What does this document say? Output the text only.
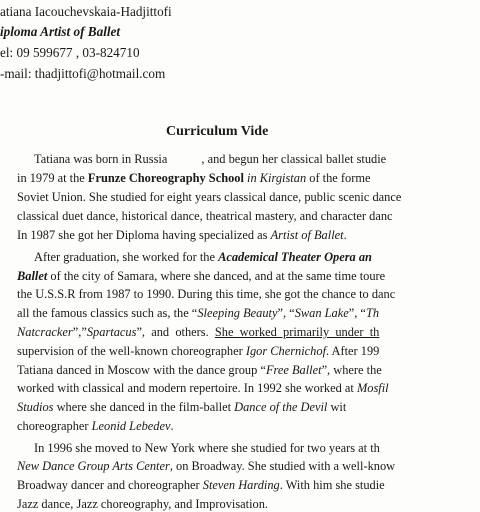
atiana Iacouchevskaia-Hadjittofi
iploma Artist of Ballet
el: 09 599677 , 03-824710
-mail: thadjittofi@hotmail.com
Curriculum Vide
Tatiana was born in Russia           , and begun her classical ballet studie
in 1979 at the Frunze Choreography School in Kirgistan of the forme
Soviet Union. She studied for eight years classical dance, public scenic dance
classical duet dance, historical dance, theatrical mastery, and character danc
In 1987 she got her Diploma having specialized as Artist of Ballet.
After graduation, she worked for the Academical Theater Opera an
Ballet of the city of Samara, where she danced, and at the same time toure
the U.S.S.R from 1987 to 1990. During this time, she got the chance to danc
all the famous classics such as, the “Sleeping Beauty”, “Swan Lake”, “Th
Natcracker”,”Spartacus”,  and  others.  She  worked  primarily  under  th
supervision of the well-known choreographer Igor Chernichof. After 199
Tatiana danced in Moscow with the dance group “Free Ballet”, where the
worked with classical and modern repertoire. In 1992 she worked at Mosfil
Studios where she danced in the film-ballet Dance of the Devil wit
choreographer Leonid Lebedev.
In 1996 she moved to New York where she studied for two years at th
New Dance Group Arts Center, on Broadway. She studied with a well-know
Broadway dancer and choreographer Steven Harding. With him she studie
Jazz dance, Jazz choreography, and Improvisation.
